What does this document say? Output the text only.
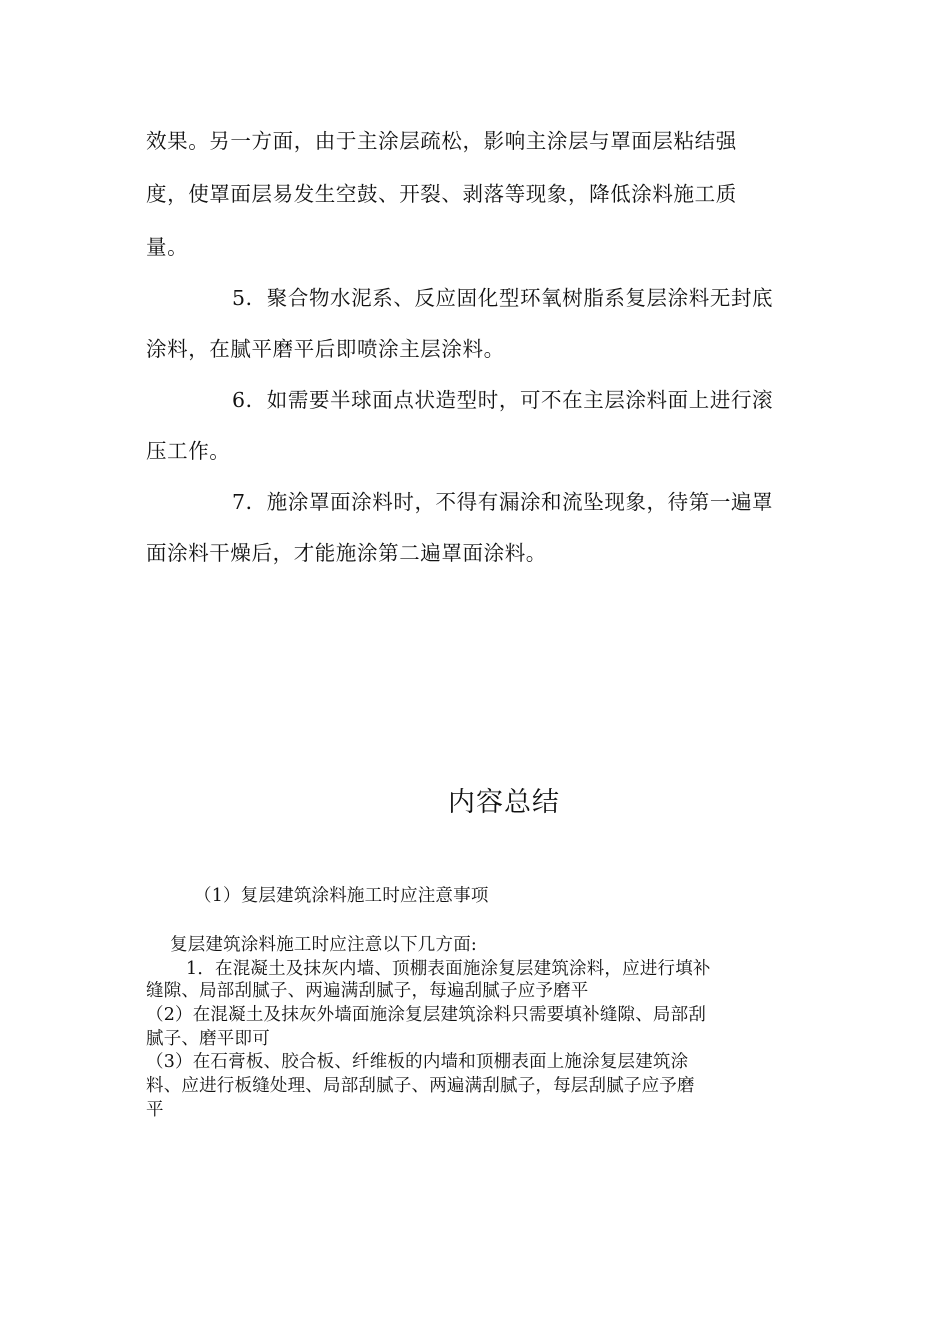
效果。另一方面，由于主涂层疏松，影响主涂层与罩面层粘结强
度，使罩面层易发生空鼓、开裂、剥落等现象，降低涂料施工质
量。
5．聚合物水泥系、反应固化型环氧树脂系复层涂料无封底
涂料，在腻平磨平后即喷涂主层涂料。
6．如需要半球面点状造型时，可不在主层涂料面上进行滚
压工作。
7．施涂罩面涂料时，不得有漏涂和流坠现象，待第一遍罩
面涂料干燥后，才能施涂第二遍罩面涂料。
内容总结
（1）复层建筑涂料施工时应注意事项
复层建筑涂料施工时应注意以下几方面:
1．在混凝土及抹灰内墙、顶棚表面施涂复层建筑涂料，应进行填补
缝隙、局部刮腻子、两遍满刮腻子，每遍刮腻子应予磨平
（2）在混凝土及抹灰外墙面施涂复层建筑涂料只需要填补缝隙、局部刮
腻子、磨平即可
（3）在石膏板、胶合板、纤维板的内墙和顶棚表面上施涂复层建筑涂
料、应进行板缝处理、局部刮腻子、两遍满刮腻子，每层刮腻子应予磨
平
